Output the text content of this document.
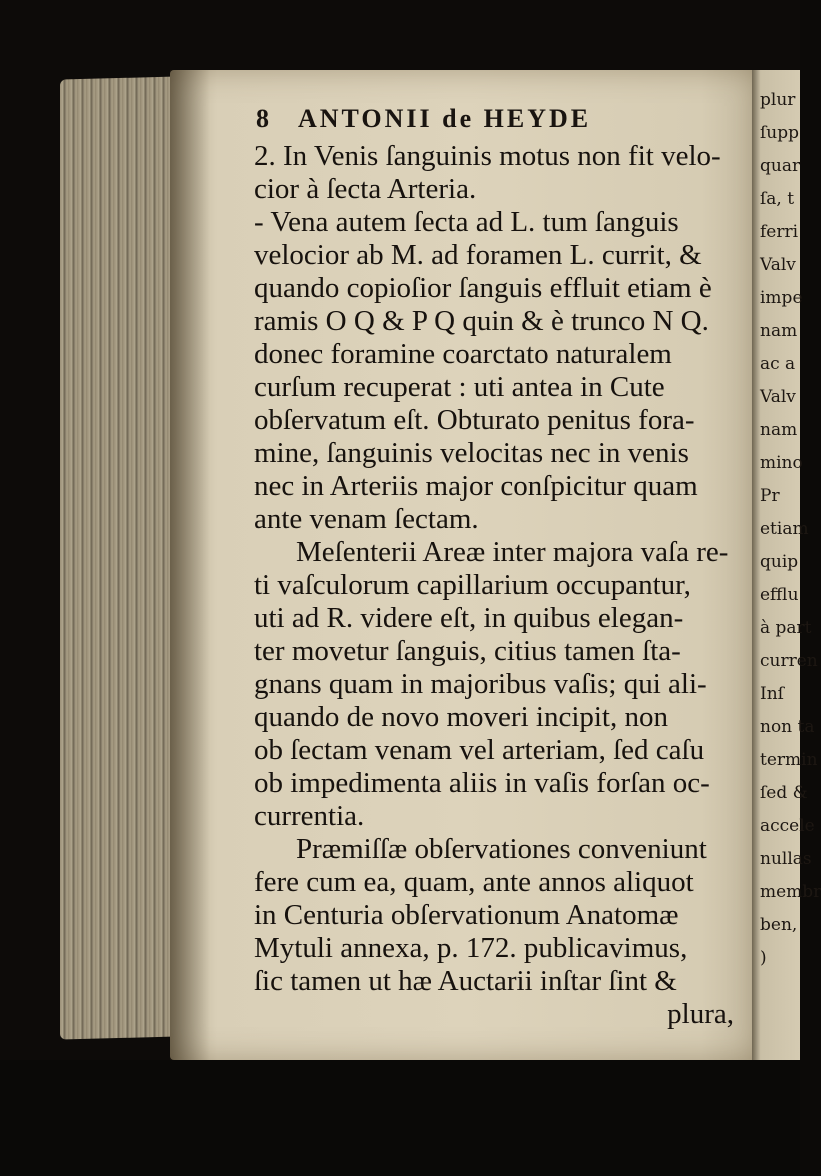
8 ANTONII de HEYDE
2. In Venis ſanguinis motus non fit velo-
cior à ſecta Arteria.
- Vena autem ſecta ad L. tum ſanguis
velocior ab M. ad foramen L. currit, &
quando copioſior ſanguis effluit etiam è
ramis O Q & P Q quin & è trunco N Q.
donec foramine coarctato naturalem
curſum recuperat : uti antea in Cute
obſervatum eſt. Obturato penitus fora-
mine, ſanguinis velocitas nec in venis
nec in Arteriis major conſpicitur quam
ante venam ſectam.
Meſenterii Areæ inter majora vaſa re-
ti vaſculorum capillarium occupantur,
uti ad R. videre eſt, in quibus elegan-
ter movetur ſanguis, citius tamen ſta-
gnans quam in majoribus vaſis; qui ali-
quando de novo moveri incipit, non
ob ſectam venam vel arteriam, ſed caſu
ob impedimenta aliis in vaſis forſan oc-
currentia.
Præmiſſæ obſervationes conveniunt
fere cum ea, quam, ante annos aliquot
in Centuria obſervationum Anatomæ
Mytuli annexa, p. 172. publicavimus,
ſic tamen ut hæ Auctarii inſtar ſint &
plura,
plur
ſupp
quar
ſa, t
ferri
Valv
impe
nam
ac a
Valv
nam
mino
Pr
etiam
quip
efflu
à part
curren
Inſ
non ta
termin
ſed &
accele
nullas
membr
ben,
)
